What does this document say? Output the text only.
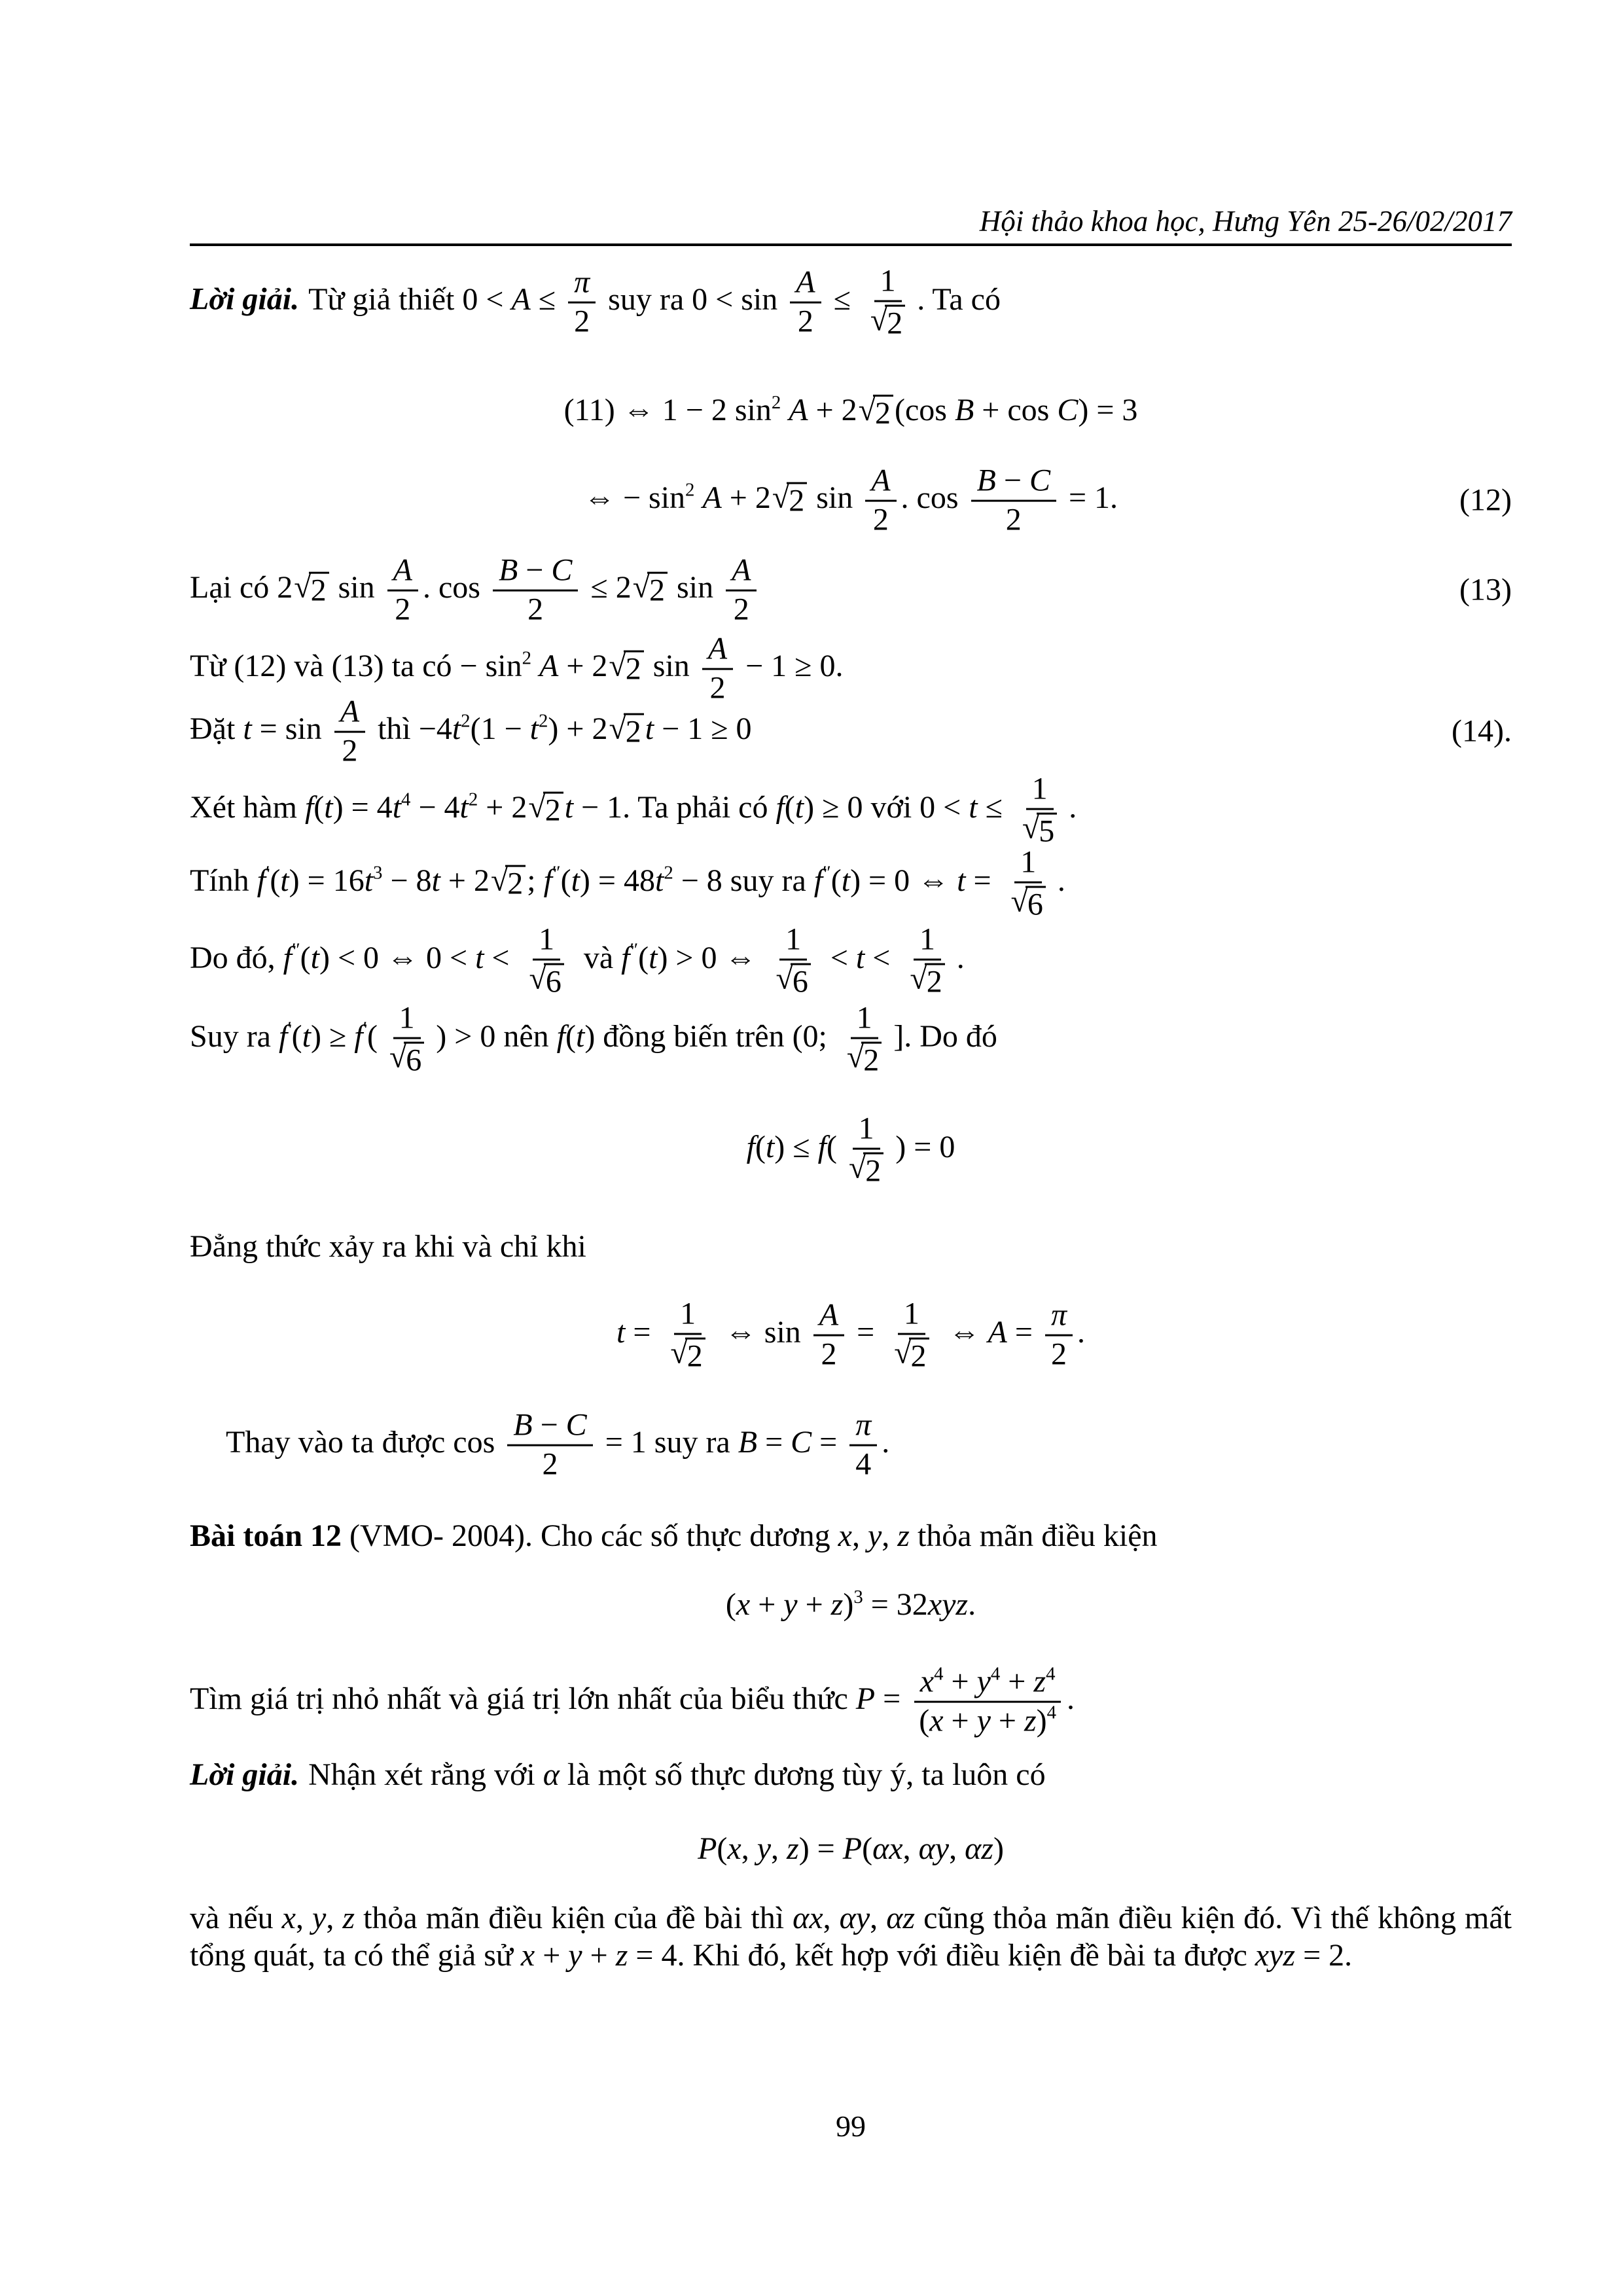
Hội thảo khoa học, Hưng Yên 25-26/02/2017
Lời giải. Từ giả thiết $0 < A \le \frac{\pi}{2}$ suy ra $0 < \sin \frac{A}{2} \le \frac{1}{√ 2}$ . Ta có
(11) ⇔ 1 − 2 $\sin^2 A + 2$ √ 2 (cos B + cos C) = 3
⇔ − $\sin^2 A + 2$ √ 2 $\sin \frac{A}{2}$ . $\cos \frac{B - C}{2} = 1$.	(12)
Lại có 2 √ 2 $\sin \frac{A}{2}$ . $\cos \frac{B - C}{2} \le 2$ √ 2 $\sin \frac{A}{2}$	(13)
Từ (12) và (13) ta có − $\sin^2 A + 2$ √ 2 $\sin \frac{A}{2} - 1 \ge 0$.
Đặt $t = \sin \frac{A}{2}$ thì $-4t^2(1 - t^2) + 2$ √ 2 t − 1 ≥ 0	(14).
Xét hàm $f(t) = 4t^4 - 4t^2 + 2$ √ 2 t − 1. Ta phải có f(t) ≥ 0 với $0 < t \le \frac{1}{√ 5}$ .
Tính $f'(t) = 16t^3 - 8t + 2$ √ 2 ; $f''(t) = 48t^2 - 8$ suy ra f′′(t) = 0 ⇔ $t = \frac{1}{√ 6}$ .
Do đó, f′′(t) < 0 ⇔ $0 < t < \frac{1}{√ 6}$ và f′′(t) > 0 ⇔ $\frac{1}{√ 6} < t < \frac{1}{√ 2}$ .
Suy ra $f'(t) \ge f'( \frac{1}{√ 6}$ ) > 0 nên f(t) đồng biến trên (0; $\frac{1}{√ 2}$ ]. Do đó
$f(t) \le f( \frac{1}{√ 2}$ ) = 0
Đẳng thức xảy ra khi và chỉ khi
$t = \frac{1}{√ 2}$ ⇔ $\sin \frac{A}{2} = \frac{1}{√ 2}$ ⇔ $A = \frac{\pi}{2}$ .
Thay vào ta được $\cos \frac{B - C}{2} = 1$ suy ra $B = C = \frac{\pi}{4}$ .
Bài toán 12 (VMO- 2004). Cho các số thực dương x, y, z thỏa mãn điều kiện
$(x + y + z)^3 = 32xyz$.
Tìm giá trị nhỏ nhất và giá trị lớn nhất của biểu thức $P = \frac{x^4 + y^4 + z^4}{(x + y + z)^4}$ .
Lời giải. Nhận xét rằng với α là một số thực dương tùy ý, ta luôn có
P(x, y, z) = P(αx, αy, αz)
và nếu x, y, z thỏa mãn điều kiện của đề bài thì αx, αy, αz cũng thỏa mãn điều kiện đó. Vì thế không mất tổng quát, ta có thể giả sử x + y + z = 4. Khi đó, kết hợp với điều kiện đề bài ta được xyz = 2.
99
